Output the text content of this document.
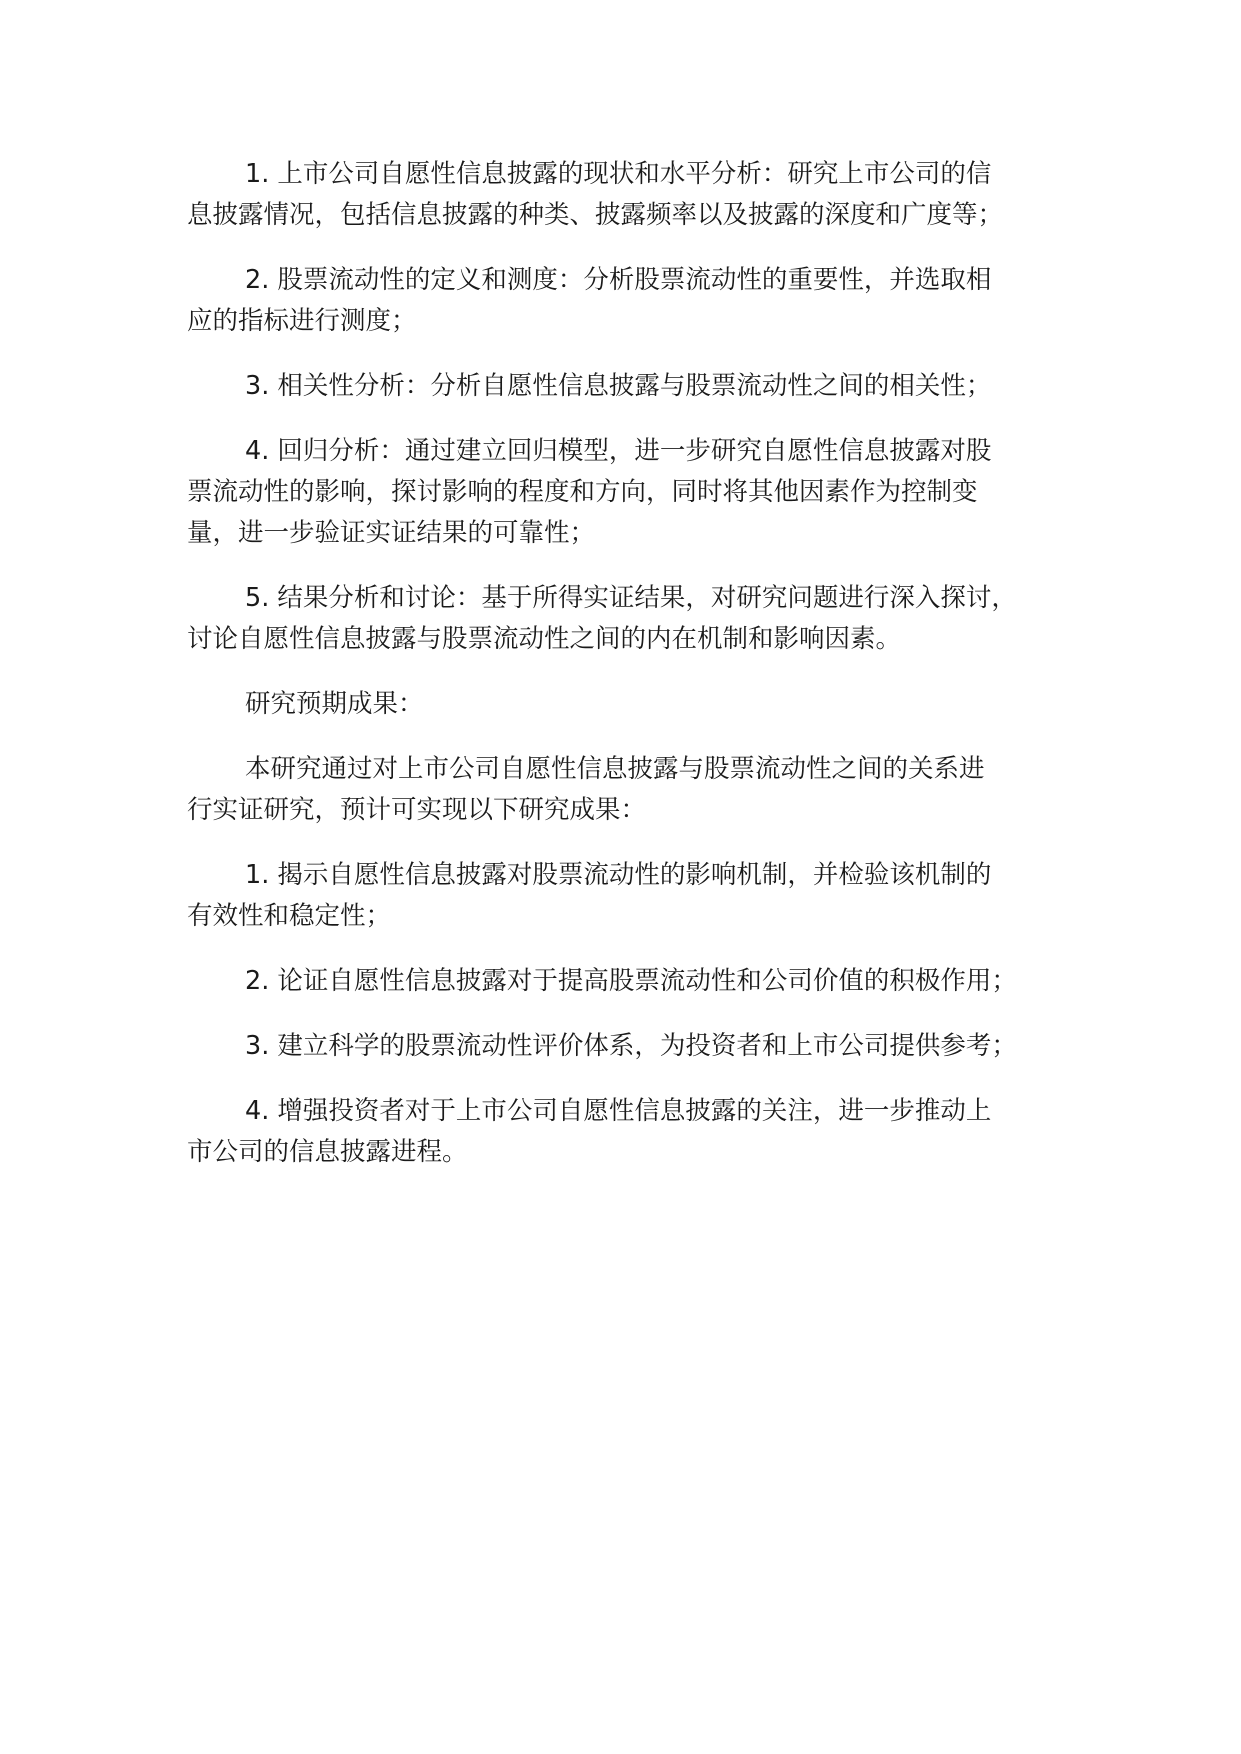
1. 上市公司自愿性信息披露的现状和水平分析：研究上市公司的信
息披露情况，包括信息披露的种类、披露频率以及披露的深度和广度等；

2. 股票流动性的定义和测度：分析股票流动性的重要性，并选取相
应的指标进行测度；

3. 相关性分析：分析自愿性信息披露与股票流动性之间的相关性；

4. 回归分析：通过建立回归模型，进一步研究自愿性信息披露对股
票流动性的影响，探讨影响的程度和方向，同时将其他因素作为控制变
量，进一步验证实证结果的可靠性；

5. 结果分析和讨论：基于所得实证结果，对研究问题进行深入探讨，
讨论自愿性信息披露与股票流动性之间的内在机制和影响因素。

研究预期成果：

本研究通过对上市公司自愿性信息披露与股票流动性之间的关系进
行实证研究，预计可实现以下研究成果：

1. 揭示自愿性信息披露对股票流动性的影响机制，并检验该机制的
有效性和稳定性；

2. 论证自愿性信息披露对于提高股票流动性和公司价值的积极作用；

3. 建立科学的股票流动性评价体系，为投资者和上市公司提供参考；

4. 增强投资者对于上市公司自愿性信息披露的关注，进一步推动上
市公司的信息披露进程。
